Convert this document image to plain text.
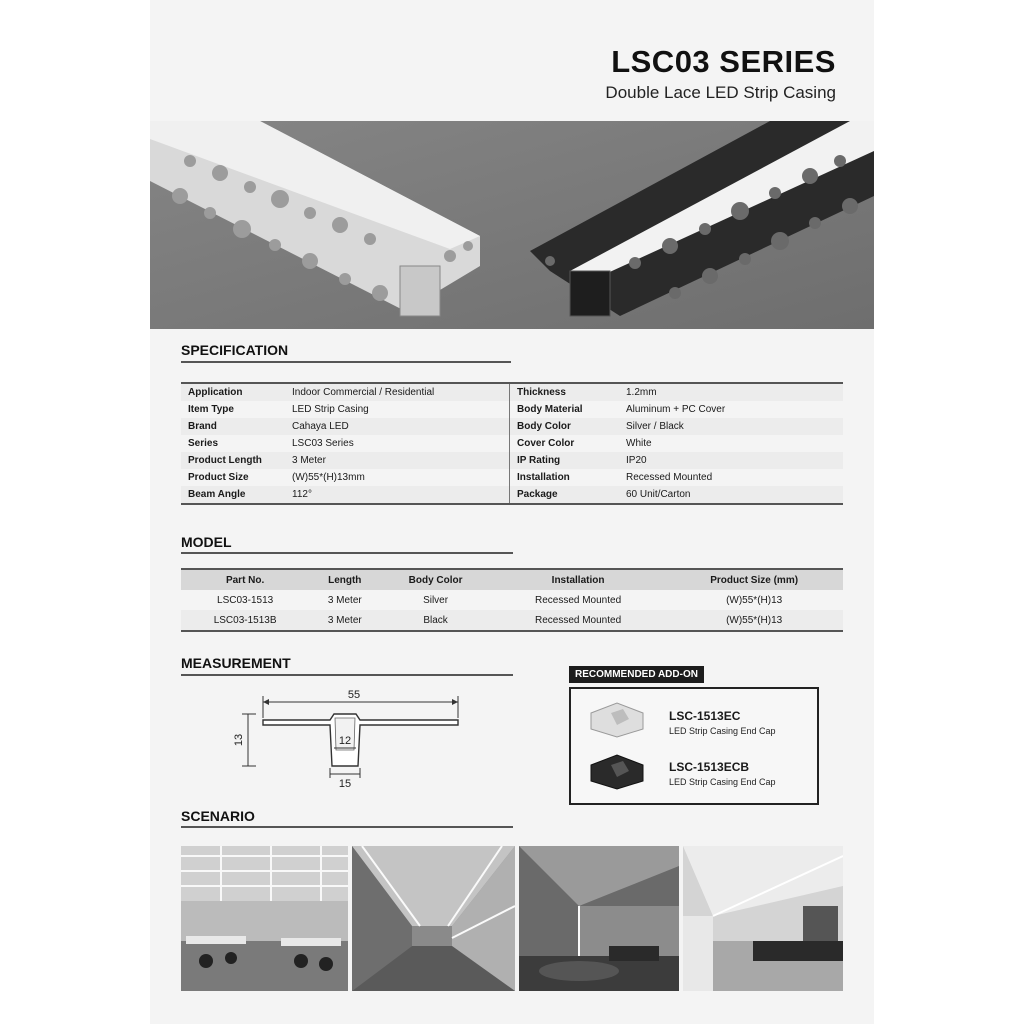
LSC03 SERIES
Double Lace LED Strip Casing
SPECIFICATION
Application	Indoor Commercial / Residential	Thickness	1.2mm
Item Type	LED Strip Casing	Body Material	Aluminum + PC Cover
Brand	Cahaya LED	Body Color	Silver / Black
Series	LSC03 Series	Cover Color	White
Product Length	3 Meter	IP Rating	IP20
Product Size	(W)55*(H)13mm	Installation	Recessed Mounted
Beam Angle	112°	Package	60 Unit/Carton
MODEL
Part No.	Length	Body Color	Installation	Product Size (mm)
LSC03-1513	3 Meter	Silver	Recessed Mounted	(W)55*(H)13
LSC03-1513B	3 Meter	Black	Recessed Mounted	(W)55*(H)13
MEASUREMENT
55
13	12
15
RECOMMENDED ADD-ON
LSC-1513EC
LED Strip Casing End Cap
LSC-1513ECB
LED Strip Casing End Cap
SCENARIO
